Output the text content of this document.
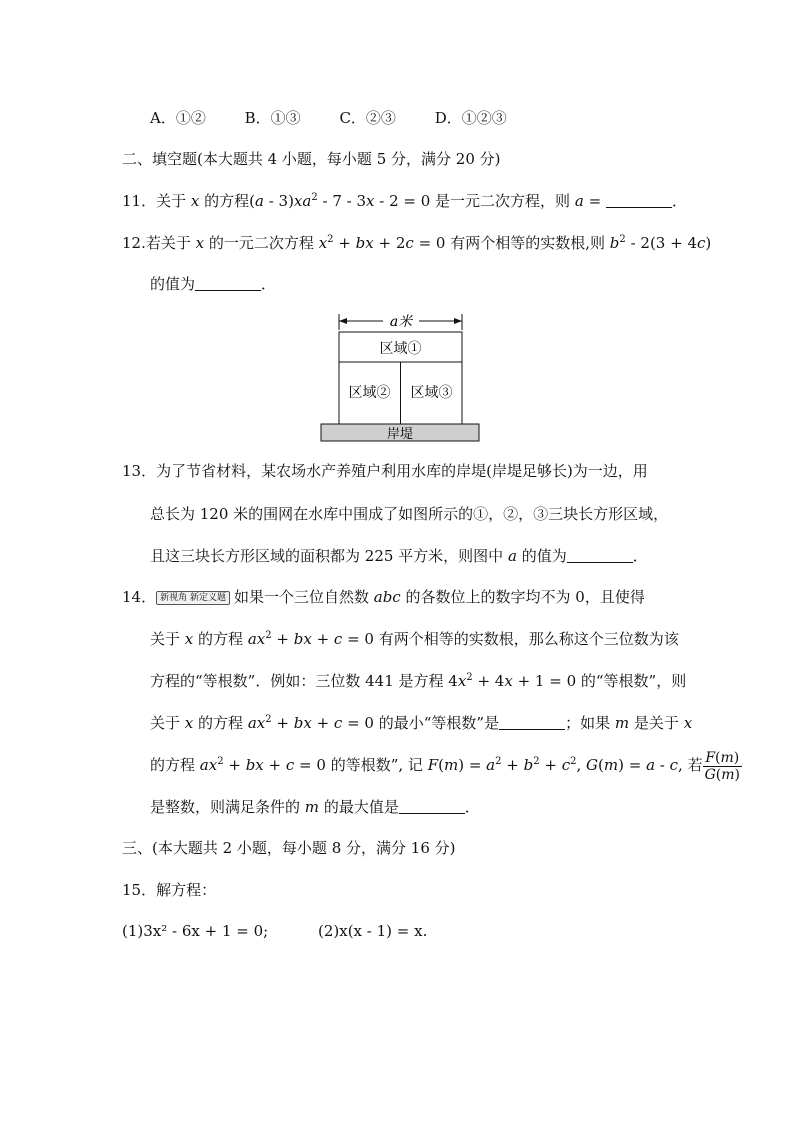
A．①②	B．①③	C．②③	D．①②③
二、填空题(本大题共 4 小题，每小题 5 分，满分 20 分)
11．关于 x 的方程$(a - 3)xa^2 - 7 - 3x - 2 = 0$ 是一元二次方程，则 a =	．
12.若关于 x 的一元二次方程 $x^2$ + bx + 2c = 0 有两个相等的实数根,则 $b^2 - 2(3 + 4c)$
的值为	．
a米
区域①
区域② 区域③
岸堤
13．为了节省材料，某农场水产养殖户利用水库的岸堤(岸堤足够长)为一边，用
总长为 120 米的围网在水库中围成了如图所示的①，②，③三块长方形区域，
且这三块长方形区域的面积都为 225 平方米，则图中 a 的值为	．
14． 新视角 新定义题 如果一个三位自然数 abc 的各数位上的数字均不为 0，且使得
关于 x 的方程 $ax^2$ + bx + c = 0 有两个相等的实数根，那么称这个三位数为该
方程的“等根数”．例如：三位数 441 是方程 $4x^2 + 4x + 1 = 0$ 的“等根数”，则
关于 x 的方程 $ax^2$ + bx + c = 0 的最小“等根数”是	；如果 m 是关于 x
的方程 $ax^2$ + bx + c = 0 的等根数”, 记 $F(m) = a^2 + b^2 + c^2$, G(m) = a - c, 若 $\frac{F(m)}{G(m)}$
是整数，则满足条件的 m 的最大值是	．
三、(本大题共 2 小题，每小题 8 分，满分 16 分)
15．解方程：
(1)3x² - 6x + 1 = 0;	(2)x(x - 1) = x.
